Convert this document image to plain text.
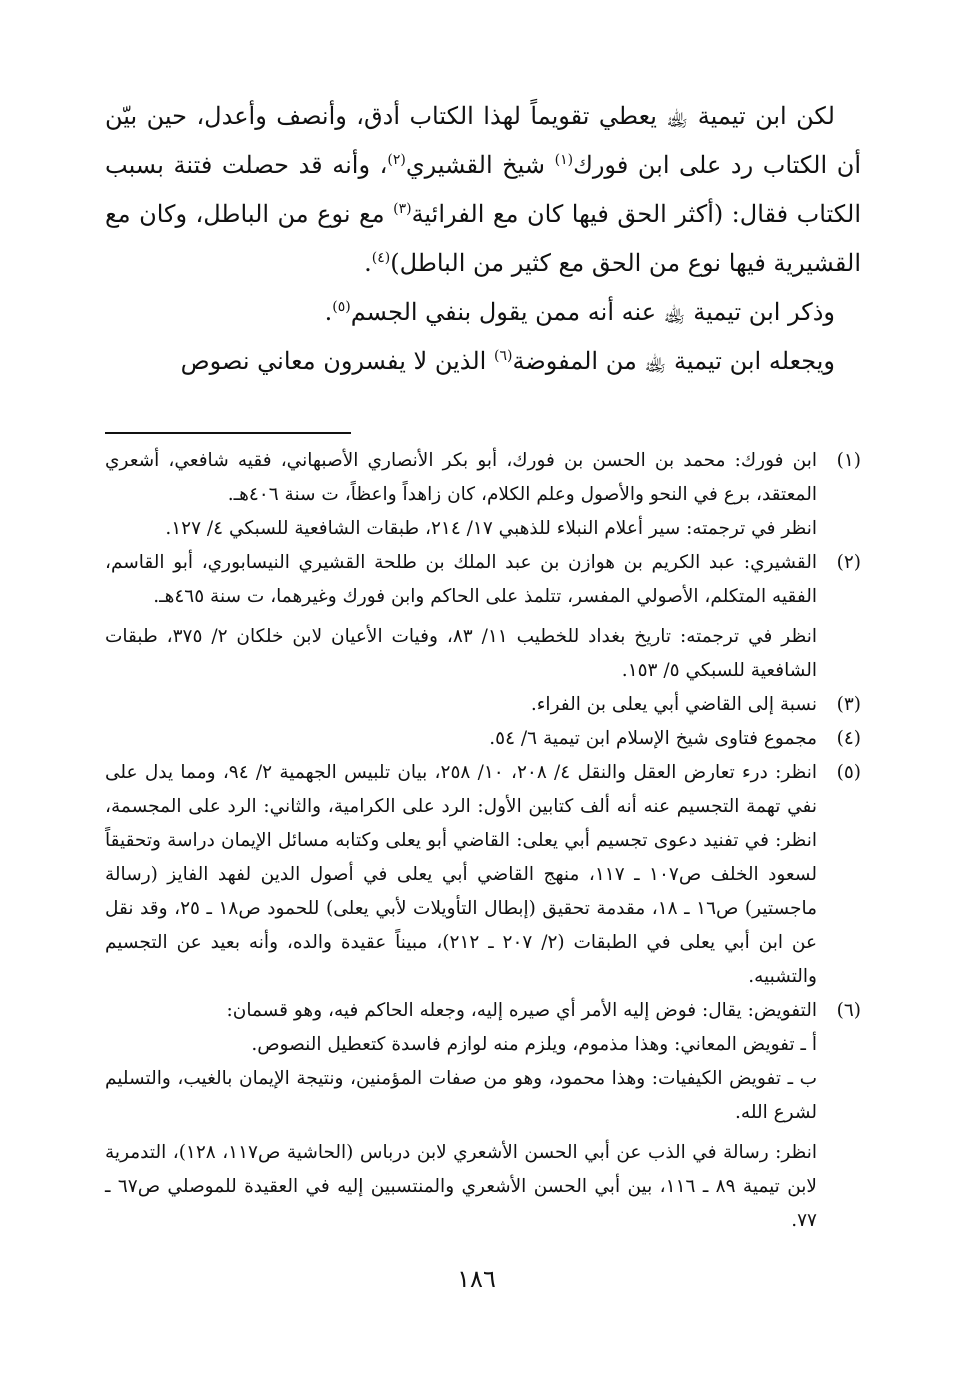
لكن ابن تيمية ﵀ يعطي تقويماً لهذا الكتاب أدق، وأنصف وأعدل، حين بيّن أن الكتاب رد على ابن فورك$^{(١)}$ شيخ القشيري$^{(٢)}$، وأنه قد حصلت فتنة بسبب الكتاب فقال: (أكثر الحق فيها كان مع الفرائية$^{(٣)}$ مع نوع من الباطل، وكان مع القشيرية فيها نوع من الحق مع كثير من الباطل)$^{(٤)}$.

وذكر ابن تيمية ﵀ عنه أنه ممن يقول بنفي الجسم$^{(٥)}$.

ويجعله ابن تيمية ﵀ من المفوضة$^{(٦)}$ الذين لا يفسرون معاني نصوص

(١)
ابن فورك: محمد بن الحسن بن فورك، أبو بكر الأنصاري الأصبهاني، فقيه شافعي، أشعري المعتقد، برع في النحو والأصول وعلم الكلام، كان زاهداً واعظاً، ت سنة ٤٠٦هـ.
انظر في ترجمته: سير أعلام النبلاء للذهبي ١٧/ ٢١٤، طبقات الشافعية للسبكي ٤/ ١٢٧.
(٢)
القشيري: عبد الكريم بن هوازن بن عبد الملك بن طلحة القشيري النيسابوري، أبو القاسم، الفقيه المتكلم، الأصولي المفسر، تتلمذ على الحاكم وابن فورك وغيرهما، ت سنة ٤٦٥هـ.
انظر في ترجمته: تاريخ بغداد للخطيب ١١/ ٨٣، وفيات الأعيان لابن خلكان ٢/ ٣٧٥، طبقات الشافعية للسبكي ٥/ ١٥٣.
(٣)
نسبة إلى القاضي أبي يعلى بن الفراء.
(٤)
مجموع فتاوى شيخ الإسلام ابن تيمية ٦/ ٥٤.
(٥)
انظر: درء تعارض العقل والنقل ٤/ ٢٠٨، ١٠/ ٢٥٨، بيان تلبيس الجهمية ٢/ ٩٤، ومما يدل على نفي تهمة التجسيم عنه أنه ألف كتابين الأول: الرد على الكرامية، والثاني: الرد على المجسمة، انظر: في تفنيد دعوى تجسيم أبي يعلى: القاضي أبو يعلى وكتابه مسائل الإيمان دراسة وتحقيقاً لسعود الخلف ص١٠٧ ـ ١١٧، منهج القاضي أبي يعلى في أصول الدين لفهد الفايز (رسالة ماجستير) ص١٦ ـ ١٨، مقدمة تحقيق (إبطال التأويلات لأبي يعلى) للحمود ص١٨ ـ ٢٥، وقد نقل عن ابن أبي يعلى في الطبقات (٢/ ٢٠٧ ـ ٢١٢)، مبيناً عقيدة والده، وأنه بعيد عن التجسيم والتشبيه.
(٦)
التفويض: يقال: فوض إليه الأمر أي صيره إليه، وجعله الحاكم فيه، وهو قسمان:
أ ـ تفويض المعاني: وهذا مذموم، ويلزم منه لوازم فاسدة كتعطيل النصوص.
ب ـ تفويض الكيفيات: وهذا محمود، وهو من صفات المؤمنين، ونتيجة الإيمان بالغيب، والتسليم لشرع الله.
انظر: رسالة في الذب عن أبي الحسن الأشعري لابن درباس (الحاشية ص١١٧، ١٢٨)، التدمرية لابن تيمية ٨٩ ـ ١١٦، بين أبي الحسن الأشعري والمنتسبين إليه في العقيدة للموصلي ص٦٧ ـ ٧٧.
١٨٦
